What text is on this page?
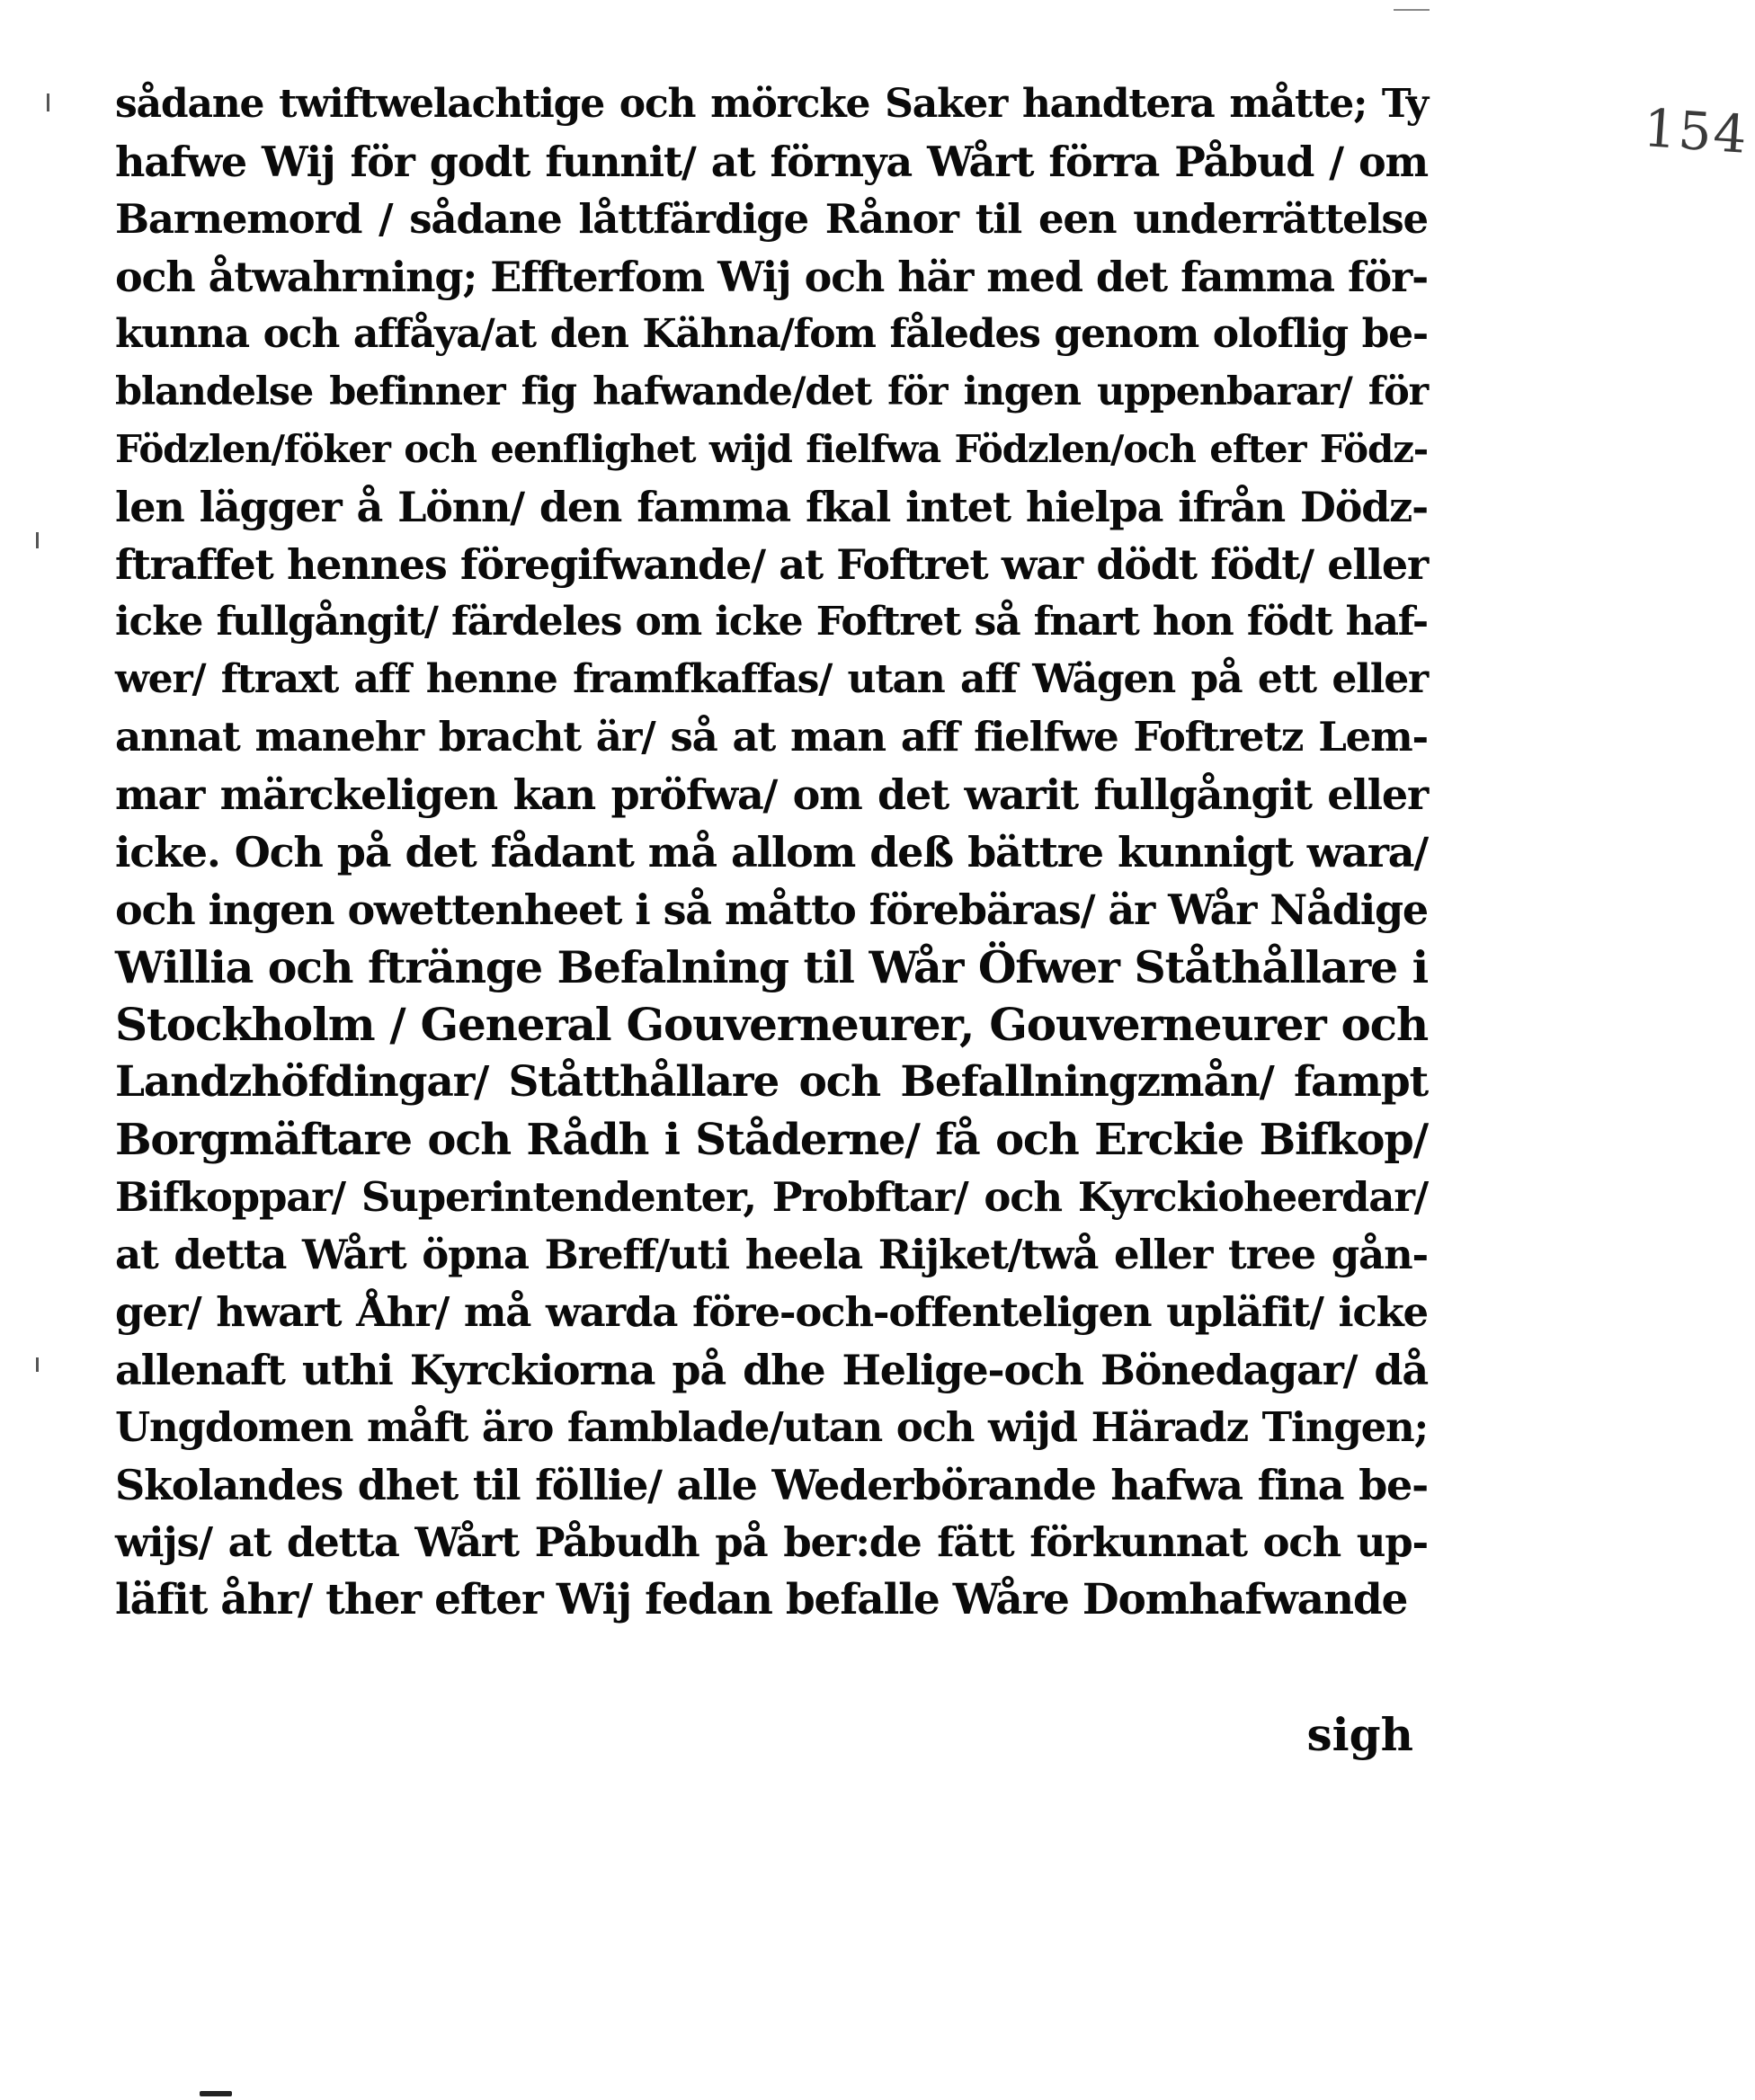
154
sådane twiftwelachtige och mörcke Saker handtera måtte; Ty
hafwe Wij för godt funnit/ at förnya Wårt förra Påbud / om
Barnemord / sådane låttfärdige Rånor til een underrättelse
och åtwahrning; Effterfom Wij och här med det famma för-
kunna och affåya/at den Kähna/fom fåledes genom oloflig be-
blandelse befinner fig hafwande/det för ingen uppenbarar/ för
Födzlen/föker och eenflighet wijd fielfwa Födzlen/och efter Födz-
len lägger å Lönn/ den famma fkal intet hielpa ifrån Dödz-
ftraffet hennes föregifwande/ at Foftret war dödt födt/ eller
icke fullgångit/ färdeles om icke Foftret så fnart hon födt haf-
wer/ ftraxt aff henne framfkaffas/ utan aff Wägen på ett eller
annat manehr bracht är/ så at man aff fielfwe Foftretz Lem-
mar märckeligen kan pröfwa/ om det warit fullgångit eller
icke. Och på det fådant må allom deß bättre kunnigt wara/
och ingen owettenheet i så måtto förebäras/ är Wår Nådige
Willia och ftränge Befalning til Wår Öfwer Ståthållare i
Stockholm / General Gouverneurer, Gouverneurer och
Landzhöfdingar/ Ståtthållare och Befallningzmån/ fampt
Borgmäftare och Rådh i Ståderne/ få och Erckie Bifkop/
Bifkoppar/ Superintendenter, Probftar/ och Kyrckioheerdar/
at detta Wårt öpna Breff/uti heela Rijket/twå eller tree gån-
ger/ hwart Åhr/ må warda före-och-offenteligen upläfit/ icke
allenaft uthi Kyrckiorna på dhe Helige-och Bönedagar/ då
Ungdomen måft äro famblade/utan och wijd Häradz Tingen;
Skolandes dhet til föllie/ alle Wederbörande hafwa fina be-
wijs/ at detta Wårt Påbudh på ber:de fätt förkunnat och up-
läfit åhr/ ther efter Wij fedan befalle Wåre Domhafwande
sigh
